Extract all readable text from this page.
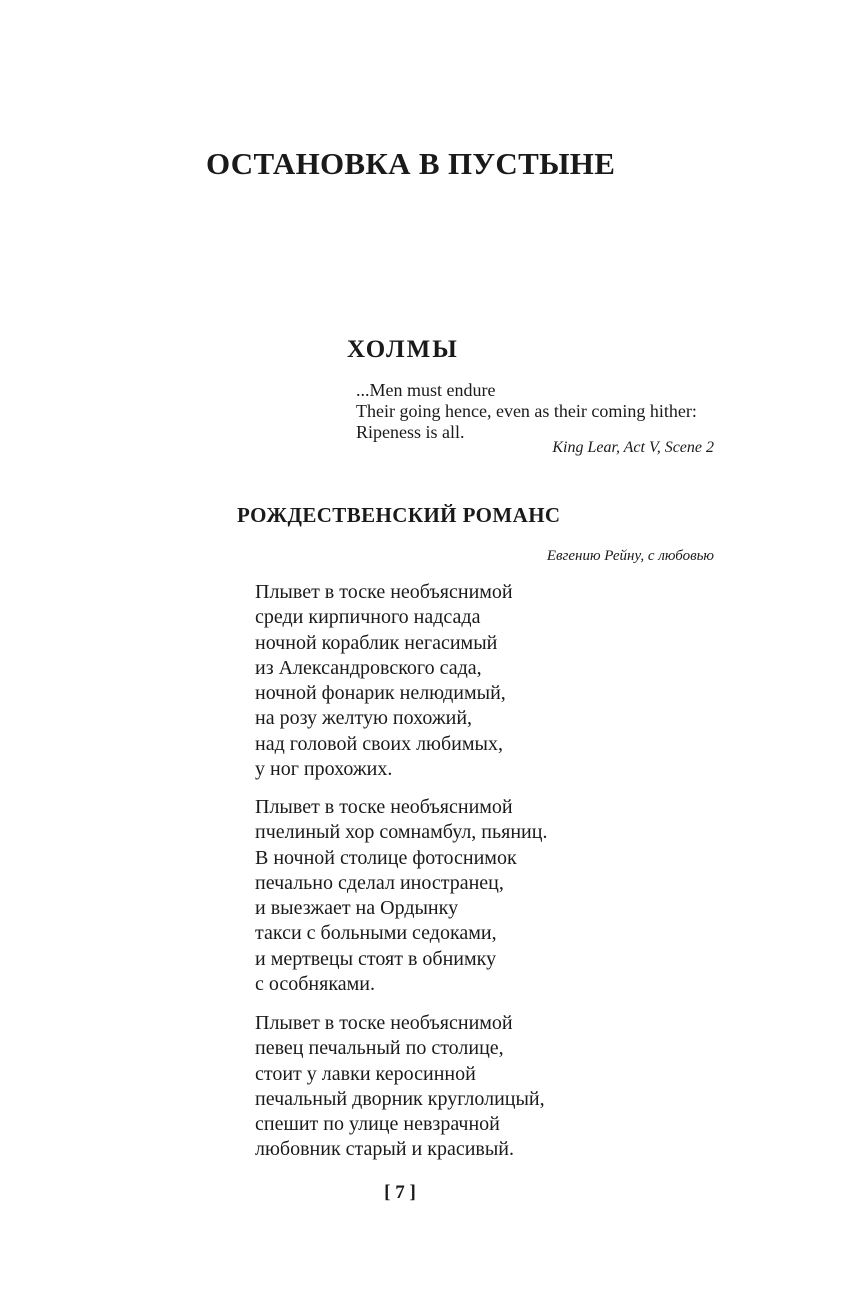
ОСТАНОВКА В ПУСТЫНЕ
ХОЛМЫ
...Men must endure
Their going hence, even as their coming hither:
Ripeness is all.
King Lear, Act V, Scene 2
РОЖДЕСТВЕНСКИЙ РОМАНС
Евгению Рейну, с любовью
Плывет в тоске необъяснимой
среди кирпичного надсада
ночной кораблик негасимый
из Александровского сада,
ночной фонарик нелюдимый,
на розу желтую похожий,
над головой своих любимых,
у ног прохожих.
Плывет в тоске необъяснимой
пчелиный хор сомнамбул, пьяниц.
В ночной столице фотоснимок
печально сделал иностранец,
и выезжает на Ордынку
такси с больными седоками,
и мертвецы стоят в обнимку
с особняками.
Плывет в тоске необъяснимой
певец печальный по столице,
стоит у лавки керосинной
печальный дворник круглолицый,
спешит по улице невзрачной
любовник старый и красивый.
[ 7 ]
